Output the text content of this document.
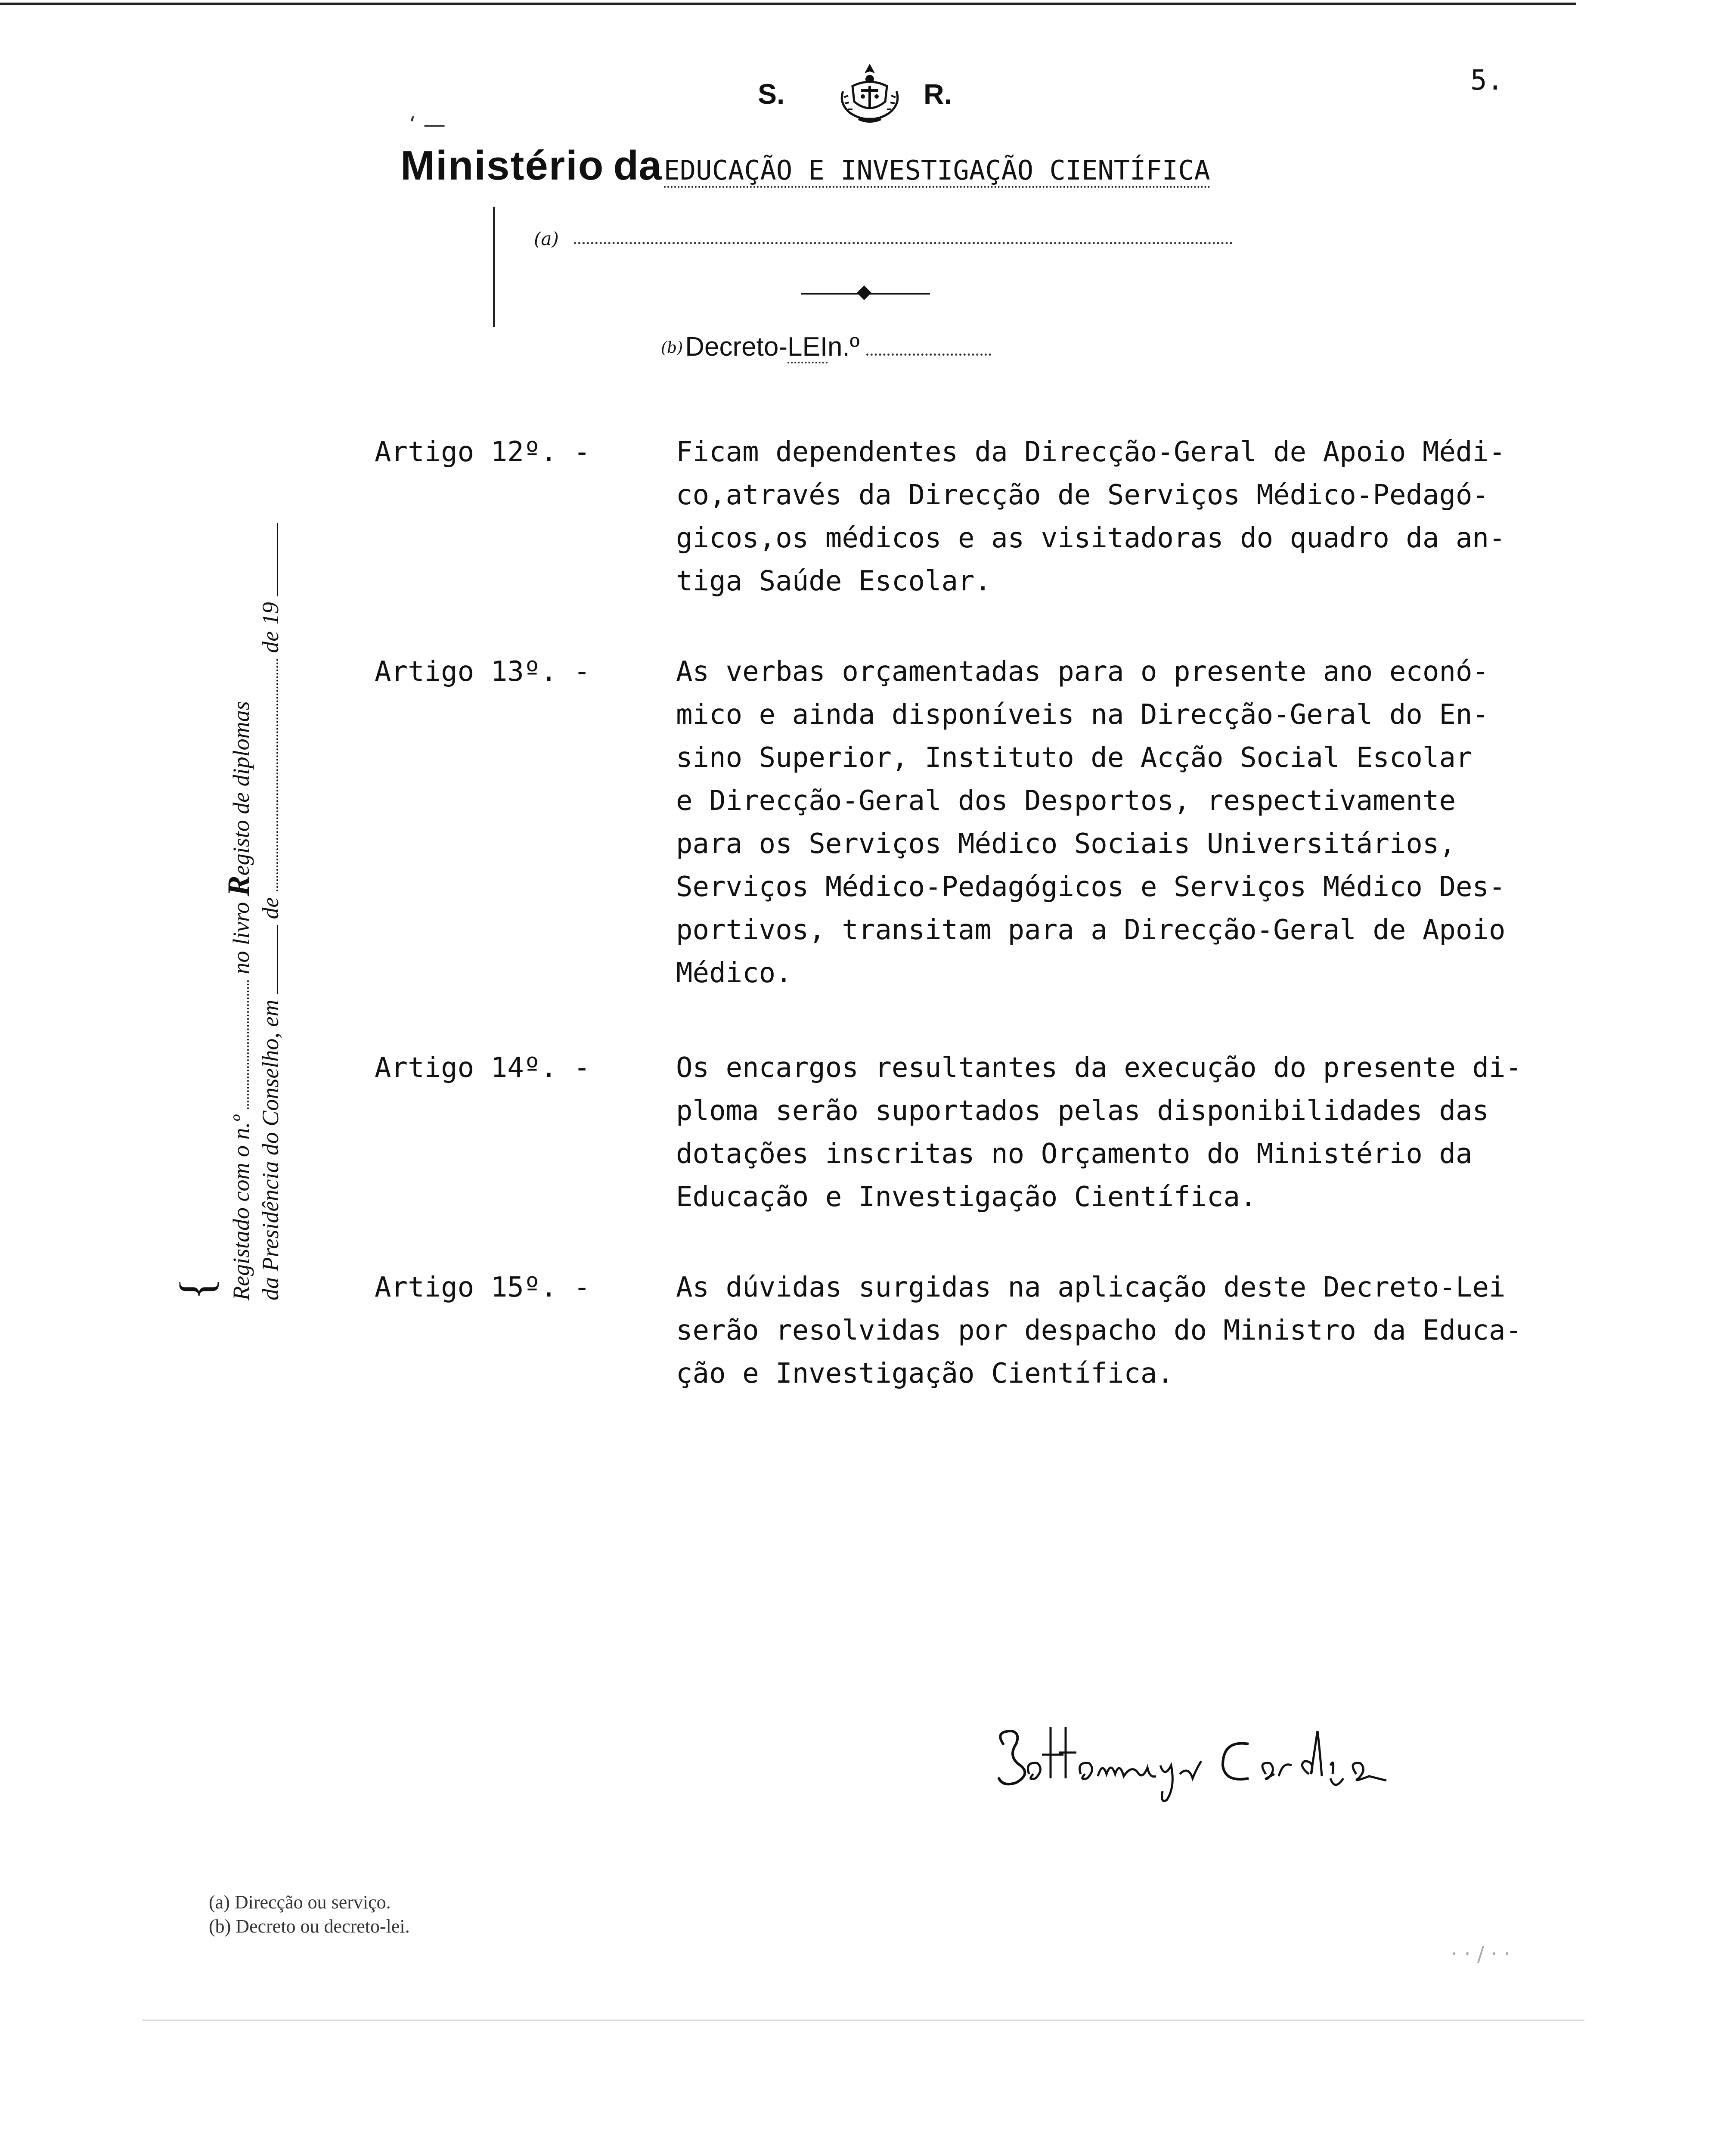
5.
S.	R.
‘ —
Ministério da EDUCAÇÃO E INVESTIGAÇÃO CIENTÍFICA
(a)
(b) Decreto-LEIn.º
{ Registado com o n.º  no livro Registo de diplomas
da Presidência do Conselho, em  de  de 19
Artigo 12º. -	Ficam dependentes da Direcção-Geral de Apoio Médi-
co,através da Direcção de Serviços Médico-Pedagó-
gicos,os médicos e as visitadoras do quadro da an-
tiga Saúde Escolar.
Artigo 13º. -	As verbas orçamentadas para o presente ano econó-
mico e ainda disponíveis na Direcção-Geral do En-
sino Superior, Instituto de Acção Social Escolar
e Direcção-Geral dos Desportos, respectivamente
para os Serviços Médico Sociais Universitários,
Serviços Médico-Pedagógicos e Serviços Médico Des-
portivos, transitam para a Direcção-Geral de Apoio
Médico.
Artigo 14º. -	Os encargos resultantes da execução do presente di-
ploma serão suportados pelas disponibilidades das
dotações inscritas no Orçamento do Ministério da
Educação e Investigação Científica.
Artigo 15º. -	As dúvidas surgidas na aplicação deste Decreto-Lei
serão resolvidas por despacho do Ministro da Educa-
ção e Investigação Científica.
(a) Direcção ou serviço.
(b) Decreto ou decreto-lei.
· · / · ·
